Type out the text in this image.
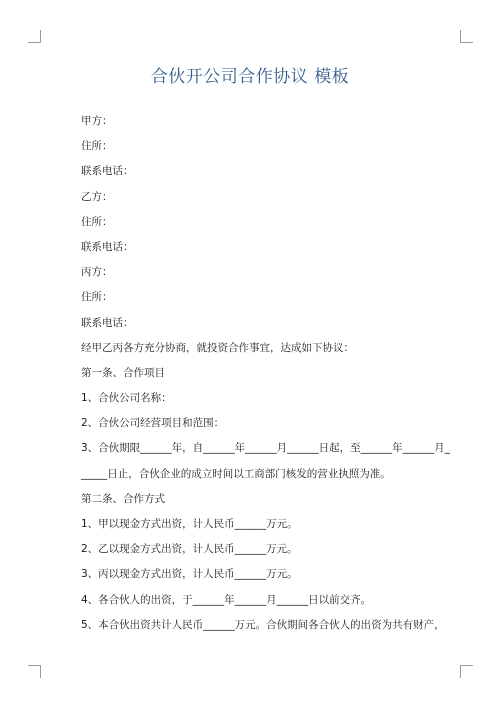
合伙开公司合作协议 模板
甲方：
住所：
联系电话：
乙方：
住所：
联系电话：
丙方：
住所：
联系电话：
经甲乙丙各方充分协商，就投资合作事宜，达成如下协议：
第一条、合作项目
1、合伙公司名称：
2、合伙公司经营项目和范围：
3、合伙期限______年，自______年______月______日起，至______年______月_
_____日止，合伙企业的成立时间以工商部门核发的营业执照为准。
第二条、合作方式
1、甲以现金方式出资，计人民币______万元。
2、乙以现金方式出资，计人民币______万元。
3、丙以现金方式出资，计人民币______万元。
4、各合伙人的出资，于______年______月______日以前交齐。
5、本合伙出资共计人民币______万元。合伙期间各合伙人的出资为共有财产，
